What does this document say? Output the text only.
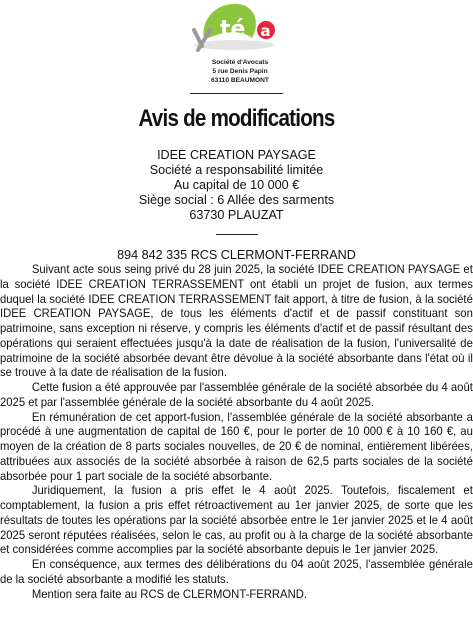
té a
Société d'Avocats
5 rue Denis Papin
63110 BEAUMONT
Avis de modifications
IDEE CREATION PAYSAGE
Société a responsabilité limitée
Au capital de 10 000 €
Siège social : 6 Allée des sarments
63730 PLAUZAT
894 842 335 RCS CLERMONT-FERRAND

Suivant acte sous seing privé du 28 juin 2025, la société IDEE CREATION PAYSAGE et la société IDEE CREATION TERRASSEMENT ont établi un projet de fusion, aux termes duquel la société IDEE CREATION TERRASSEMENT fait apport, à titre de fusion, à la société IDEE CREATION PAYSAGE, de tous les éléments d'actif et de passif constituant son patrimoine, sans exception ni réserve, y compris les éléments d'actif et de passif résultant des opérations qui seraient effectuées jusqu'à la date de réalisation de la fusion, l'universalité de patrimoine de la société absorbée devant être dévolue à la société absorbante dans l'état où il se trouve à la date de réalisation de la fusion.

Cette fusion a été approuvée par l'assemblée générale de la société absorbée du 4 août 2025 et par l'assemblée générale de la société absorbante du 4 août 2025.

En rémunération de cet apport-fusion, l'assemblée générale de la société absorbante a procédé à une augmentation de capital de 160 €, pour le porter de 10 000 € à 10 160 €, au moyen de la création de 8 parts sociales nouvelles, de 20 € de nominal, entièrement libérées, attribuées aux associés de la société absorbée à raison de 62,5 parts sociales de la société absorbée pour 1 part sociale de la société absorbante.

Juridiquement, la fusion a pris effet le 4 août 2025. Toutefois, fiscalement et comptablement, la fusion a pris effet rétroactivement au 1er janvier 2025, de sorte que les résultats de toutes les opérations par la société absorbée entre le 1er janvier 2025 et le 4 août 2025 seront réputées réalisées, selon le cas, au profit ou à la charge de la société absorbante et considérées comme accomplies par la société absorbante depuis le 1er janvier 2025.

En conséquence, aux termes des délibérations du 04 août 2025, l'assemblée générale de la société absorbante a modifié les statuts.

Mention sera faite au RCS de CLERMONT-FERRAND.
